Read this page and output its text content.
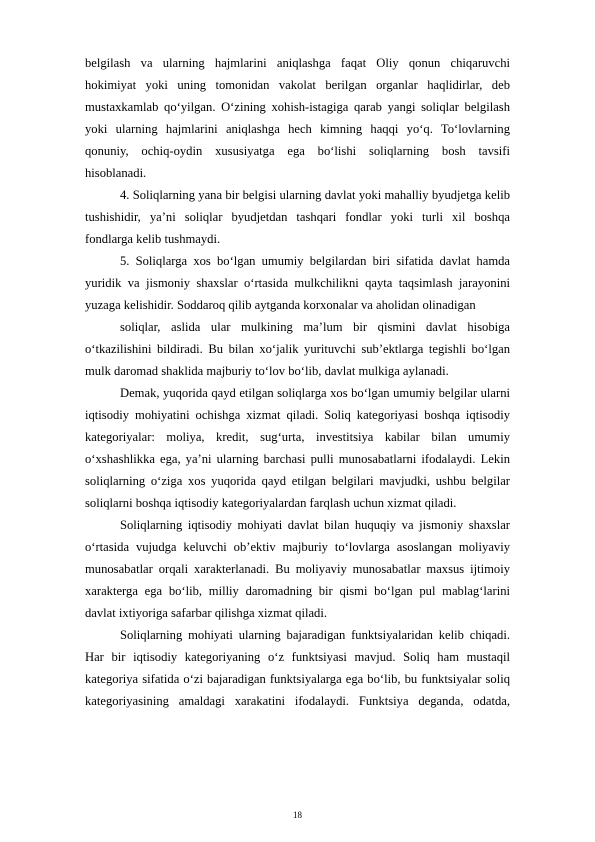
belgilash va ularning hajmlarini aniqlashga faqat Oliy qonun chiqaruvchi
hokimiyat yoki uning tomonidan vakolat berilgan organlar haqlidirlar, deb
mustaxkamlab qo‘yilgan. O‘zining xohish-istagiga qarab yangi soliqlar belgilash
yoki ularning hajmlarini aniqlashga hech kimning haqqi yo‘q. To‘lovlarning
qonuniy, ochiq-oydin xususiyatga ega bo‘lishi soliqlarning bosh tavsifi
hisoblanadi.
4. Soliqlarning yana bir belgisi ularning davlat yoki mahalliy byudjetga kelib
tushishidir, ya’ni soliqlar byudjetdan tashqari fondlar yoki turli xil boshqa
fondlarga kelib tushmaydi.
5. Soliqlarga xos bo‘lgan umumiy belgilardan biri sifatida davlat hamda
yuridik va jismoniy shaxslar o‘rtasida mulkchilikni qayta taqsimlash jarayonini
yuzaga kelishidir. Soddaroq qilib aytganda korxonalar va aholidan olinadigan
soliqlar, aslida ular mulkining ma’lum bir qismini davlat hisobiga
o‘tkazilishini bildiradi. Bu bilan xo‘jalik yurituvchi sub’ektlarga tegishli bo‘lgan
mulk daromad shaklida majburiy to‘lov bo‘lib, davlat mulkiga aylanadi.
Demak, yuqorida qayd etilgan soliqlarga xos bo‘lgan umumiy belgilar ularni
iqtisodiy mohiyatini ochishga xizmat qiladi. Soliq kategoriyasi boshqa iqtisodiy
kategoriyalar: moliya, kredit, sug‘urta, investitsiya kabilar bilan umumiy
o‘xshashlikka ega, ya’ni ularning barchasi pulli munosabatlarni ifodalaydi. Lekin
soliqlarning o‘ziga xos yuqorida qayd etilgan belgilari mavjudki, ushbu belgilar
soliqlarni boshqa iqtisodiy kategoriyalardan farqlash uchun xizmat qiladi.
Soliqlarning iqtisodiy mohiyati davlat bilan huquqiy va jismoniy shaxslar
o‘rtasida vujudga keluvchi ob’ektiv majburiy to‘lovlarga asoslangan moliyaviy
munosabatlar orqali xarakterlanadi. Bu moliyaviy munosabatlar maxsus ijtimoiy
xarakterga ega bo‘lib, milliy daromadning bir qismi bo‘lgan pul mablag‘larini
davlat ixtiyoriga safarbar qilishga xizmat qiladi.
Soliqlarning mohiyati ularning bajaradigan funktsiyalaridan kelib chiqadi.
Har bir iqtisodiy kategoriyaning o‘z funktsiyasi mavjud. Soliq ham mustaqil
kategoriya sifatida o‘zi bajaradigan funktsiyalarga ega bo‘lib, bu funktsiyalar soliq
kategoriyasining amaldagi xarakatini ifodalaydi. Funktsiya deganda, odatda,
18
